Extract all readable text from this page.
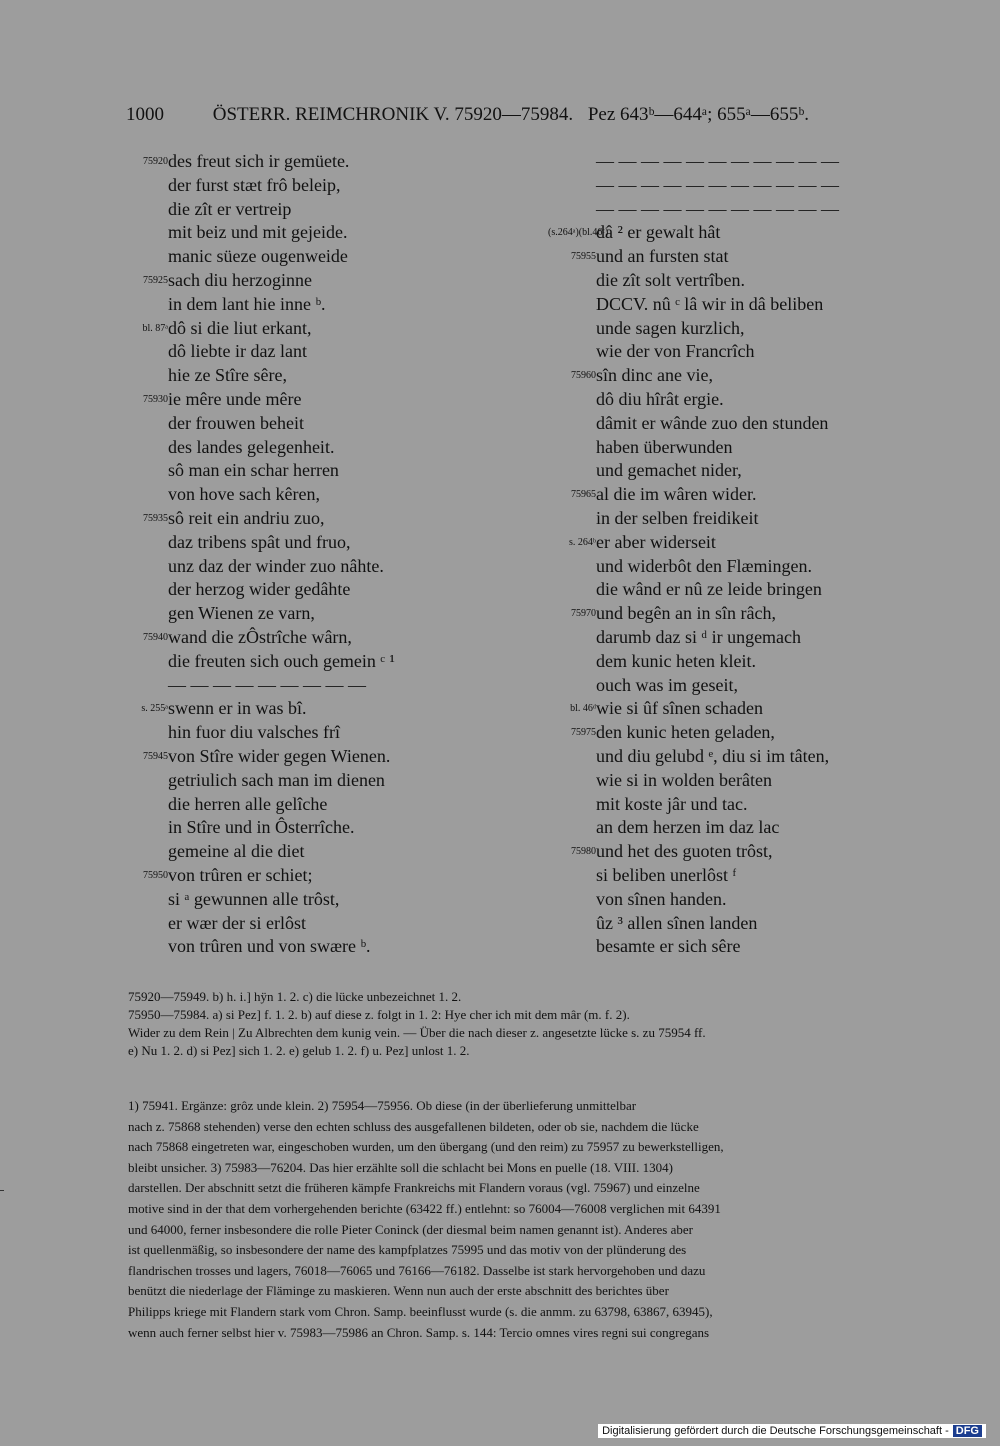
1000	ÖSTERR. REIMCHRONIK V. 75920—75984. Pez 643ᵇ—644ᵃ; 655ᵃ—655ᵇ.
75920 des freut sich ir gemüete.
der furst stæt frô beleip,
die zît er vertreip
mit beiz und mit gejeide.
manic süeze ougenweide
75925 sach diu herzoginne
in dem lant hie inne ᵇ.
bl. 87ᵃ dô si die liut erkant,
dô liebte ir daz lant
hie ze Stîre sêre,
75930 ie mêre unde mêre
der frouwen beheit
des landes gelegenheit.
sô man ein schar herren
von hove sach kêren,
75935 sô reit ein andriu zuo,
daz tribens spât und fruo,
unz daz der winder zuo nâhte.
der herzog wider gedâhte
gen Wienen ze varn,
75940 wand die zÔstrîche wârn,
die freuten sich ouch gemein ᶜ ¹
— — — — — — — — —
s. 255ᵃ swenn er in was bî.
hin fuor diu valsches frî
75945 von Stîre wider gegen Wienen.
getriulich sach man im dienen
die herren alle gelîche
in Stîre und in Ôsterrîche.
gemeine al die diet
75950 von trûren er schiet;
si ᵃ gewunnen alle trôst,
er wær der si erlôst
von trûren und von swære ᵇ.
— — — — — — — — — — —
— — — — — — — — — — —
— — — — — — — — — — —
(s.264ᵃ)(bl.46ᶜ)
dâ ² er gewalt hât
75955 und an fursten stat
die zît solt vertrîben.
DCCV. nû ᶜ lâ wir in dâ beliben
unde sagen kurzlich,
wie der von Francrîch
75960 sîn dinc ane vie,
dô diu hîrât ergie.
dâmit er wânde zuo den stunden
haben überwunden
und gemachet nider,
75965 al die im wâren wider.
in der selben freidikeit
s. 264ᵇ er aber widerseit
und widerbôt den Flæmingen.
die wând er nû ze leide bringen
75970 und begên an in sîn râch,
darumb daz si ᵈ ir ungemach
dem kunic heten kleit.
ouch was im geseit,
bl. 46ᵈ wie si ûf sînen schaden
75975 den kunic heten geladen,
und diu gelubd ᵉ, diu si im tâten,
wie si in wolden berâten
mit koste jâr und tac.
an dem herzen im daz lac
75980 und het des guoten trôst,
si beliben unerlôst ᶠ
von sînen handen.
ûz ³ allen sînen landen
besamte er sich sêre

75920—75949. b) h. i.] hÿn 1. 2. c) die lücke unbezeichnet 1. 2.

75950—75984. a) si Pez] f. 1. 2. b) auf diese z. folgt in 1. 2: Hye cher ich mit dem mâr (m. f. 2).

Wider zu dem Rein | Zu Albrechten dem kunig vein. — Über die nach dieser z. angesetzte lücke s. zu 75954 ff.

e) Nu 1. 2. d) si Pez] sich 1. 2. e) gelub 1. 2. f) u. Pez] unlost 1. 2.

1) 75941. Ergänze: grôz unde klein. 2) 75954—75956. Ob diese (in der überlieferung unmittelbar

nach z. 75868 stehenden) verse den echten schluss des ausgefallenen bildeten, oder ob sie, nachdem die lücke

nach 75868 eingetreten war, eingeschoben wurden, um den übergang (und den reim) zu 75957 zu bewerkstelligen,

bleibt unsicher. 3) 75983—76204. Das hier erzählte soll die schlacht bei Mons en puelle (18. VIII. 1304)

darstellen. Der abschnitt setzt die früheren kämpfe Frankreichs mit Flandern voraus (vgl. 75967) und einzelne

motive sind in der that dem vorhergehenden berichte (63422 ff.) entlehnt: so 76004—76008 verglichen mit 64391

und 64000, ferner insbesondere die rolle Pieter Coninck (der diesmal beim namen genannt ist). Anderes aber

ist quellenmäßig, so insbesondere der name des kampfplatzes 75995 und das motiv von der plünderung des

flandrischen trosses und lagers, 76018—76065 und 76166—76182. Dasselbe ist stark hervorgehoben und dazu

benützt die niederlage der Fläminge zu maskieren. Wenn nun auch der erste abschnitt des berichtes über

Philipps kriege mit Flandern stark vom Chron. Samp. beeinflusst wurde (s. die anmm. zu 63798, 63867, 63945),

wenn auch ferner selbst hier v. 75983—75986 an Chron. Samp. s. 144: Tercio omnes vires regni sui congregans

Digitalisierung gefördert durch die Deutsche Forschungsgemeinschaft - DFG
